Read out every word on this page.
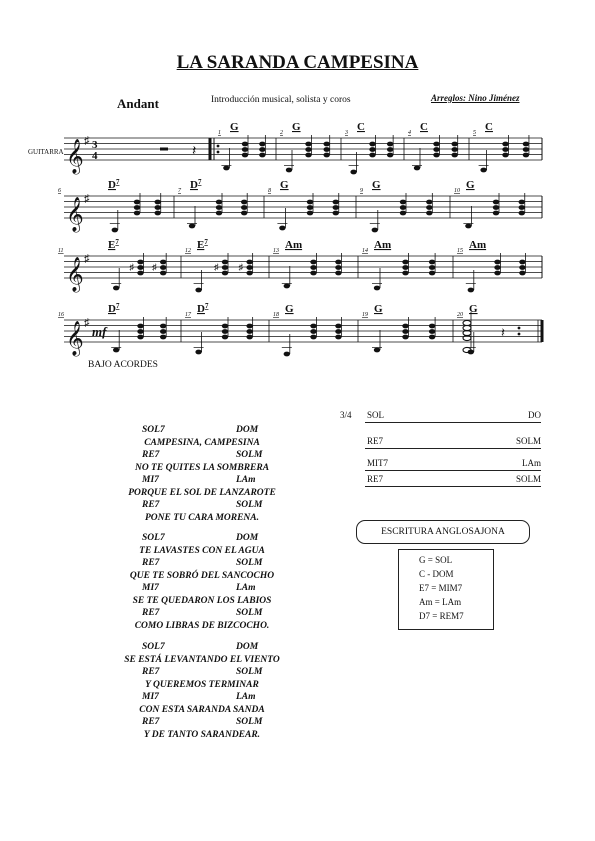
LA SARANDA CAMPESINA
Andant	Introducción musical, solista y coros	Arreglos: Nino Jiménez
𝄞 ♯
𝄞 ♯
𝄞 ♯
𝄞 ♯
3
4
GUITARRA	𝄽
mf
1 G	2 G	3 C	4 C	5 C
6	$D^7$
7 $D^7$
8 G	9 G	10 G
11	$E^7$
♯ ♯
12 $E^7$
♯ ♯
13 Am	14 Am	15 Am
16	$D^7$
17 $D^7$
18 G	19 G	20 G
𝄽
BAJO ACORDES
SOL7	DOM
CAMPESINA, CAMPESINA
RE7	SOLM
NO TE QUITES LA SOMBRERA
MI7	LAm
PORQUE EL SOL DE LANZAROTE
RE7	SOLM
PONE TU CARA MORENA.
SOL7	DOM
TE LAVASTES CON EL AGUA
RE7	SOLM
QUE TE SOBRÓ DEL SANCOCHO
MI7	LAm
SE TE QUEDARON LOS LABIOS
RE7	SOLM
COMO LIBRAS DE BIZCOCHO.
SOL7	DOM
SE ESTÁ LEVANTANDO EL VIENTO
RE7	SOLM
Y QUEREMOS TERMINAR
MI7	LAm
CON ESTA SARANDA SANDA
RE7	SOLM
Y DE TANTO SARANDEAR.
3/4 SOL	DO
RE7	SOLM
MIT7	LAm
RE7	SOLM
ESCRITURA ANGLOSAJONA
G = SOL
C - DOM
E7 = MIM7
Am = LAm
D7 = REM7
